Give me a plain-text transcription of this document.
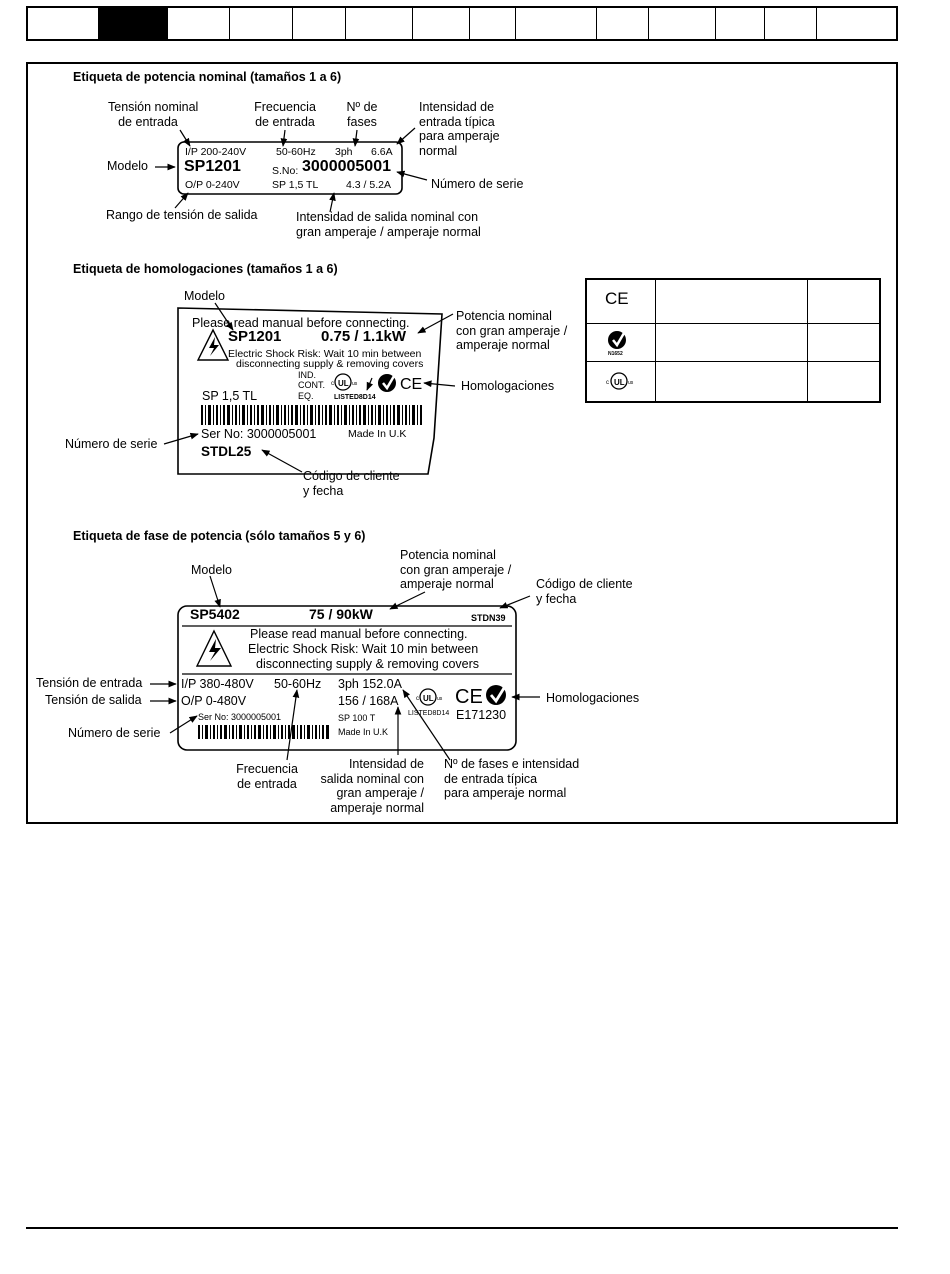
Etiqueta de potencia nominal (tamaños 1 a 6)
Etiqueta de homologaciones (tamaños 1 a 6)
Etiqueta de fase de potencia (sólo tamaños 5 y 6)
UL
c	us	CE
UL
c	us CE
I/P 200-240V	50-60Hz 3ph 6.6A
SP1201	S.No: 3000005001
O/P 0-240V	SP 1,5 TL	4.3 / 5.2A
Tensión nominal
de entrada
Frecuencia
de entrada
Nº de
fases
Intensidad de
entrada típica
para amperaje
normal
Modelo
Número de serie
Rango de tensión de salida	Intensidad de salida nominal con
gran amperaje / amperaje normal
Please read manual before connecting.
SP1201	0.75 / 1.1kW
Electric Shock Risk: Wait 10 min between
disconnecting supply & removing covers
IND.
CONT.
EQ.	LISTED8D14
SP 1,5 TL
Ser No: 3000005001	Made In U.K
STDL25
Modelo
Potencia nominal
con gran amperaje /
amperaje normal
Homologaciones
Número de serie
Código de cliente
y fecha
CE
N1652
UL
c	us
SP5402	75 / 90kW	STDN39
Please read manual before connecting.
Electric Shock Risk: Wait 10 min between
disconnecting supply & removing covers
I/P 380-480V 50-60Hz 3ph 152.0A
O/P 0-480V	156 / 168A
LISTED8D14 E171230
Ser No: 3000005001	SP 100 T
Made In U.K
Modelo
Potencia nominal
con gran amperaje /
amperaje normal	Código de cliente
y fecha
Tensión de entrada
Tensión de salida
Número de serie
Homologaciones
Frecuencia
de entrada
Intensidad de
salida nominal con
gran amperaje /
amperaje normal
Nº de fases e intensidad
de entrada típica
para amperaje normal
